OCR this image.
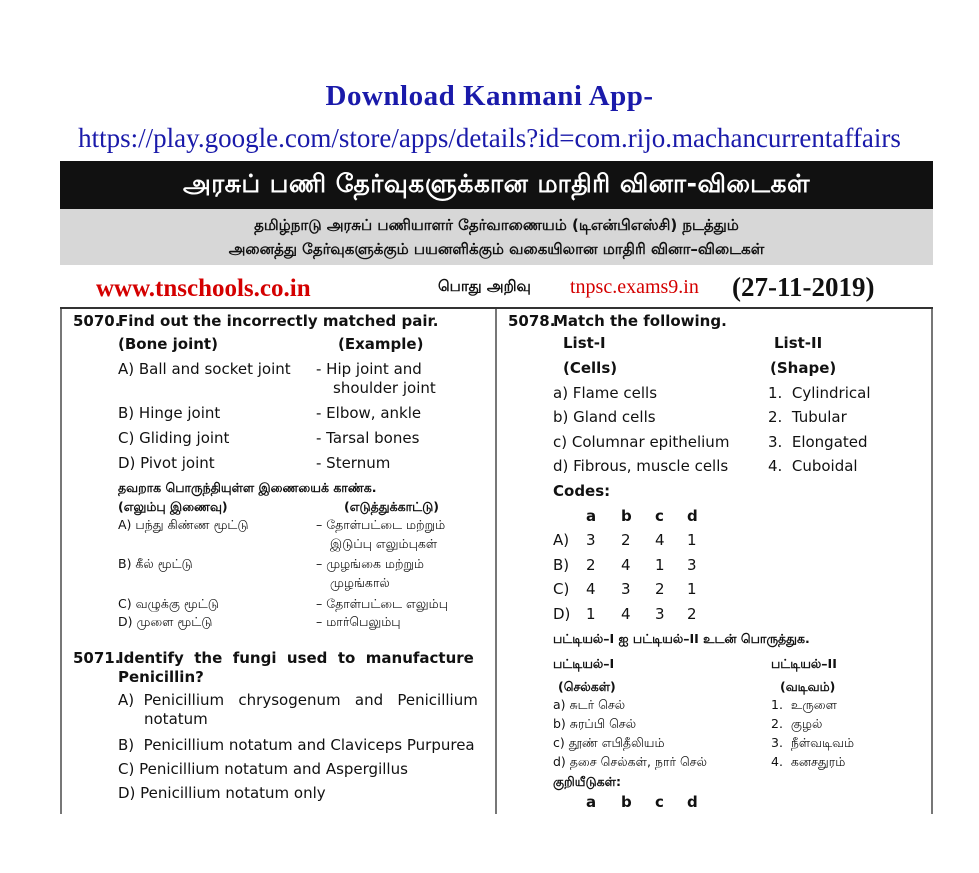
Download Kanmani App-
https://play.google.com/store/apps/details?id=com.rijo.machancurrentaffairs
அரசுப் பணி தேர்வுகளுக்கான மாதிரி வினா-விடைகள்
தமிழ்நாடு அரசுப் பணியாளர் தேர்வாணையம் (டிஎன்பிஎஸ்சி) நடத்தும்
அனைத்து தேர்வுகளுக்கும் பயனளிக்கும் வகையிலான மாதிரி வினா–விடைகள்
www.tnschools.co.in	பொது அறிவு tnpsc.exams9.in (27-11-2019)
5070.
Find out the incorrectly matched pair.
(Bone joint)	(Example)
A) Ball and socket joint - Hip joint and
shoulder joint
B) Hinge joint	- Elbow, ankle
C) Gliding joint	- Tarsal bones
D) Pivot joint	- Sternum
தவறாக பொருந்தியுள்ள இணையைக் காண்க.
(எலும்பு இணைவு)	(எடுத்துக்காட்டு)
A) பந்து கிண்ண மூட்டு	– தோள்பட்டை மற்றும்
இடுப்பு எலும்புகள்
B) கீல் மூட்டு	– முழங்கை மற்றும்
முழங்கால்
C) வழுக்கு மூட்டு	– தோள்பட்டை எலும்பு
D) முளை மூட்டு	– மார்பெலும்பு
5071.
Identify  the  fungi  used  to  manufacture
Penicillin?
A)  Penicillium   chrysogenum   and   Penicillium
notatum
B)  Penicillium notatum and Claviceps Purpurea
C) Penicillium notatum and Aspergillus
D) Penicillium notatum only
5078.
Match the following.
List-I	List-II
(Cells)	(Shape)
a) Flame cells	1.  Cylindrical
b) Gland cells	2.  Tubular
c) Columnar epithelium	3.  Elongated
d) Fibrous, muscle cells	4.  Cuboidal
Codes:
a b c d
A) 3 2 4 1
B) 2 4 1 3
C) 4 3 2 1
D) 1 4 3 2
பட்டியல்–I ஐ பட்டியல்–II உடன் பொருத்துக.
பட்டியல்–I	பட்டியல்–II
(செல்கள்)	(வடிவம்)
a) சுடர் செல்	1.  உருளை
b) சுரப்பி செல்	2.  குழல்
c) தூண் எபிதீலியம்	3.  நீள்வடிவம்
d) தசை செல்கள், நார் செல்	4.  கனசதுரம்
குறியீடுகள்:
a b c d
